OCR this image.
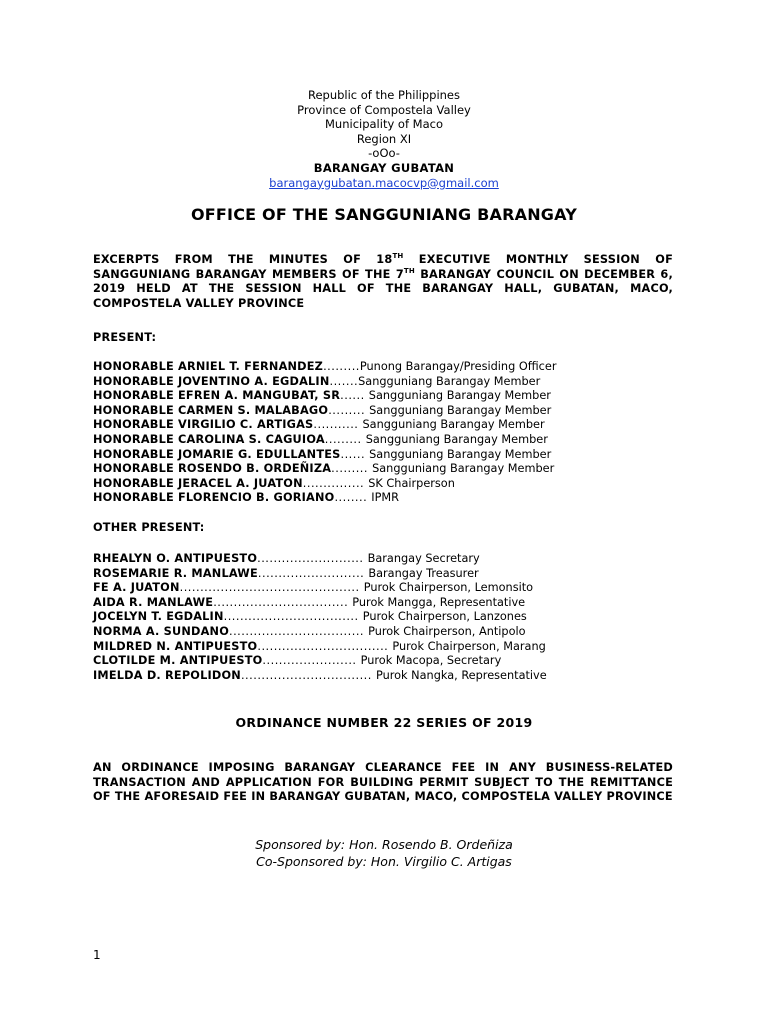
Republic of the Philippines
Province of Compostela Valley
Municipality of Maco
Region XI
-oOo-
BARANGAY GUBATAN
barangaygubatan.macocvp@gmail.com
OFFICE OF THE SANGGUNIANG BARANGAY
EXCERPTS FROM THE MINUTES OF 18TH EXECUTIVE MONTHLY SESSION OF SANGGUNIANG BARANGAY MEMBERS OF THE 7TH BARANGAY COUNCIL ON DECEMBER 6, 2019 HELD AT THE SESSION HALL OF THE BARANGAY HALL, GUBATAN, MACO, COMPOSTELA VALLEY PROVINCE
PRESENT:
HONORABLE ARNIEL T. FERNANDEZ.........Punong Barangay/Presiding Officer
HONORABLE JOVENTINO A. EGDALIN.......Sangguniang Barangay Member
HONORABLE EFREN A. MANGUBAT, SR...... Sangguniang Barangay Member
HONORABLE CARMEN S. MALABAGO......... Sangguniang Barangay Member
HONORABLE VIRGILIO C. ARTIGAS........... Sangguniang Barangay Member
HONORABLE CAROLINA S. CAGUIOA......... Sangguniang Barangay Member
HONORABLE JOMARIE G. EDULLANTES...... Sangguniang Barangay Member
HONORABLE ROSENDO B. ORDEÑIZA......... Sangguniang Barangay Member
HONORABLE JERACEL A. JUATON............... SK Chairperson
HONORABLE FLORENCIO B. GORIANO........ IPMR
OTHER PRESENT:
RHEALYN O. ANTIPUESTO.......................... Barangay Secretary
ROSEMARIE R. MANLAWE.......................... Barangay Treasurer
FE A. JUATON............................................ Purok Chairperson, Lemonsito
AIDA R. MANLAWE................................. Purok Mangga, Representative
JOCELYN T. EGDALIN................................. Purok Chairperson, Lanzones
NORMA A. SUNDANO................................. Purok Chairperson, Antipolo
MILDRED N. ANTIPUESTO................................ Purok Chairperson, Marang
CLOTILDE M. ANTIPUESTO....................... Purok Macopa, Secretary
IMELDA D. REPOLIDON................................ Purok Nangka, Representative
ORDINANCE NUMBER 22 SERIES OF 2019
AN ORDINANCE IMPOSING BARANGAY CLEARANCE FEE IN ANY BUSINESS-RELATED TRANSACTION AND APPLICATION FOR BUILDING PERMIT SUBJECT TO THE REMITTANCE OF THE AFORESAID FEE IN BARANGAY GUBATAN, MACO, COMPOSTELA VALLEY PROVINCE
Sponsored by: Hon. Rosendo B. Ordeñiza
Co-Sponsored by: Hon. Virgilio C. Artigas
1
